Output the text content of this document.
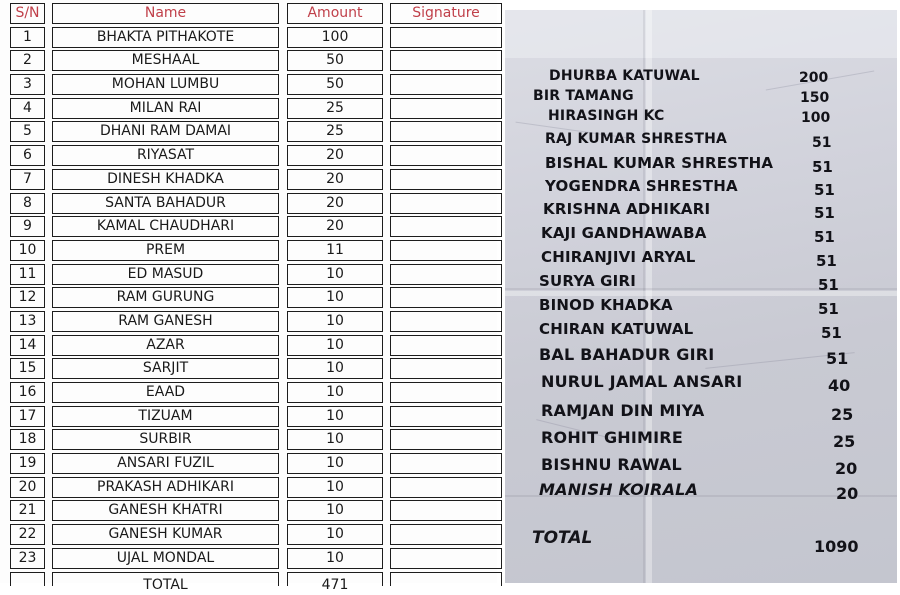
S/N	Name	Amount	Signature
1	BHAKTA PITHAKOTE	100
2	MESHAAL	50
3	MOHAN LUMBU	50
4	MILAN RAI	25
5	DHANI RAM DAMAI	25
6	RIYASAT	20
7	DINESH KHADKA	20
8	SANTA BAHADUR	20
9	KAMAL CHAUDHARI	20
10	PREM	11
11	ED MASUD	10
12	RAM GURUNG	10
13	RAM GANESH	10
14	AZAR	10
15	SARJIT	10
16	EAAD	10
17	TIZUAM	10
18	SURBIR	10
19	ANSARI FUZIL	10
20	PRAKASH ADHIKARI	10
21	GANESH KHATRI	10
22	GANESH KUMAR	10
23	UJAL MONDAL	10
TOTAL	471
DHURBA KATUWAL	200
BIR TAMANG	150
HIRASINGH KC	100
RAJ KUMAR SHRESTHA	51
BISHAL KUMAR SHRESTHA	51
YOGENDRA SHRESTHA	51
KRISHNA ADHIKARI	51
KAJI GANDHAWABA	51
CHIRANJIVI ARYAL	51
SURYA GIRI	51
BINOD KHADKA	51
CHIRAN KATUWAL	51
BAL BAHADUR GIRI	51
NURUL JAMAL ANSARI	40
RAMJAN DIN MIYA	25
ROHIT GHIMIRE	25
BISHNU RAWAL	20
MANISH KOIRALA	20
TOTAL	1090
